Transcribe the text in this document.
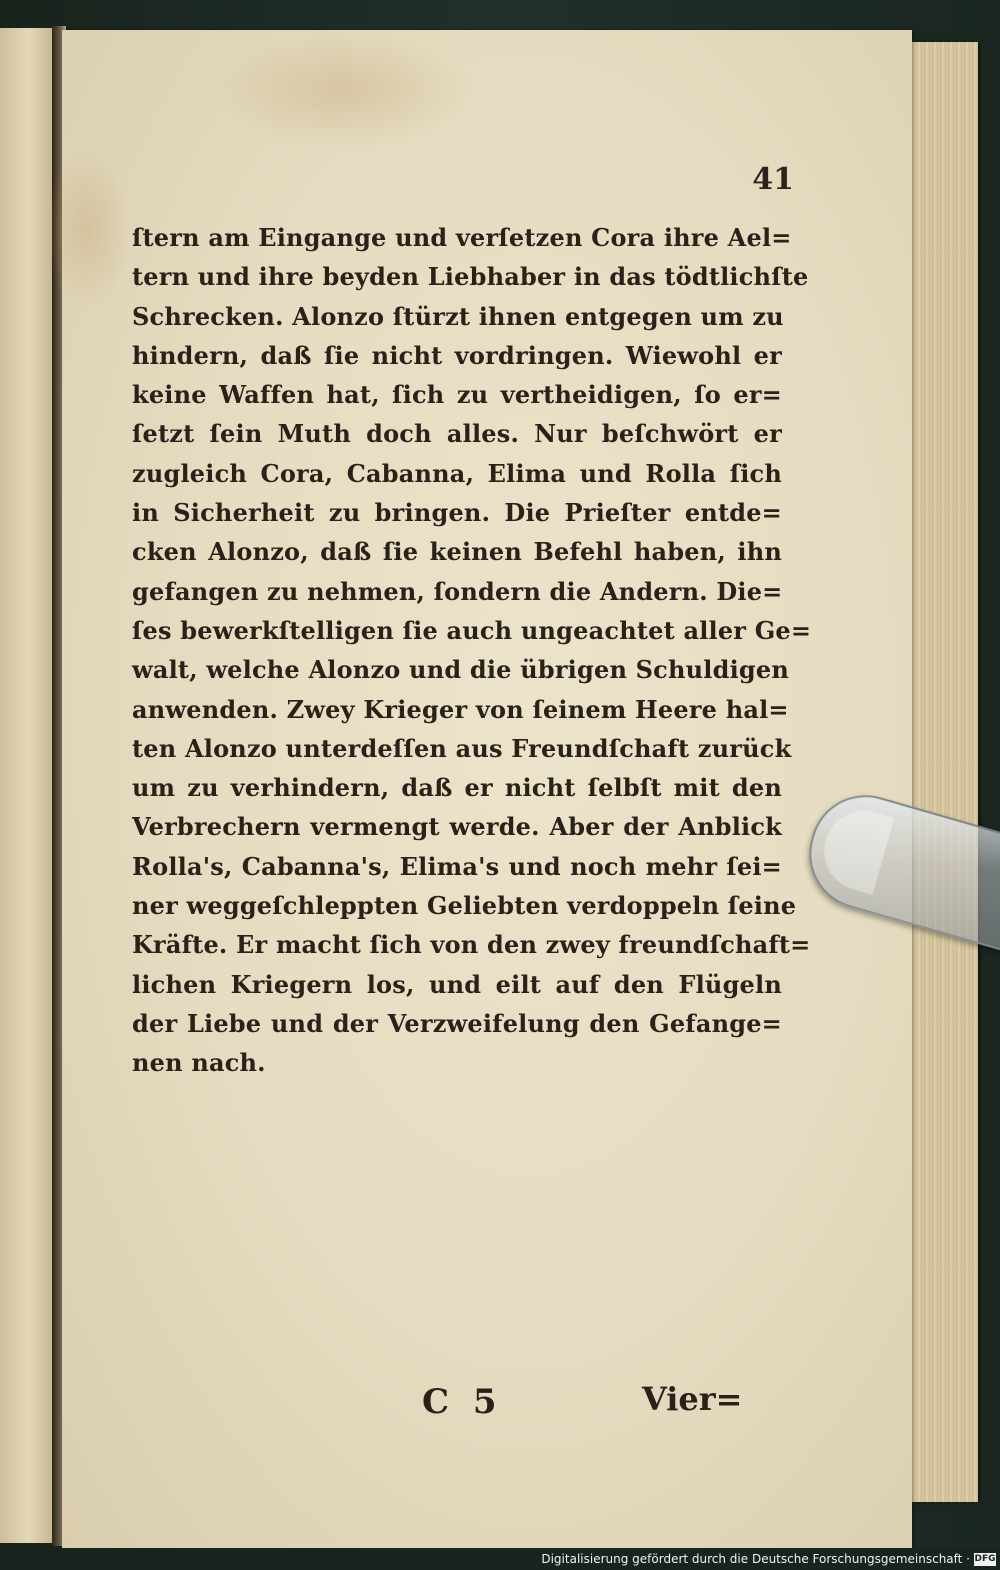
41
ſtern am Eingange und verſetzen Cora ihre Ael=
tern und ihre beyden Liebhaber in das tödtlichſte
Schrecken. Alonzo ſtürzt ihnen entgegen um zu
hindern, daß ſie nicht vordringen. Wiewohl er
keine Waffen hat, ſich zu vertheidigen, ſo er=
ſetzt ſein Muth doch alles. Nur beſchwört er
zugleich Cora, Cabanna, Elima und Rolla ſich
in Sicherheit zu bringen. Die Prieſter entde=
cken Alonzo, daß ſie keinen Befehl haben, ihn
gefangen zu nehmen, ſondern die Andern. Die=
ſes bewerkſtelligen ſie auch ungeachtet aller Ge=
walt, welche Alonzo und die übrigen Schuldigen
anwenden. Zwey Krieger von ſeinem Heere hal=
ten Alonzo unterdeſſen aus Freundſchaft zurück
um zu verhindern, daß er nicht ſelbſt mit den
Verbrechern vermengt werde. Aber der Anblick
Rolla's, Cabanna's, Elima's und noch mehr ſei=
ner weggeſchleppten Geliebten verdoppeln ſeine
Kräfte. Er macht ſich von den zwey freundſchaft=
lichen Kriegern los, und eilt auf den Flügeln
der Liebe und der Verzweifelung den Gefange=
nen nach.
C 5	Vier=
Digitalisierung gefördert durch die Deutsche Forschungsgemeinschaft · DFG
